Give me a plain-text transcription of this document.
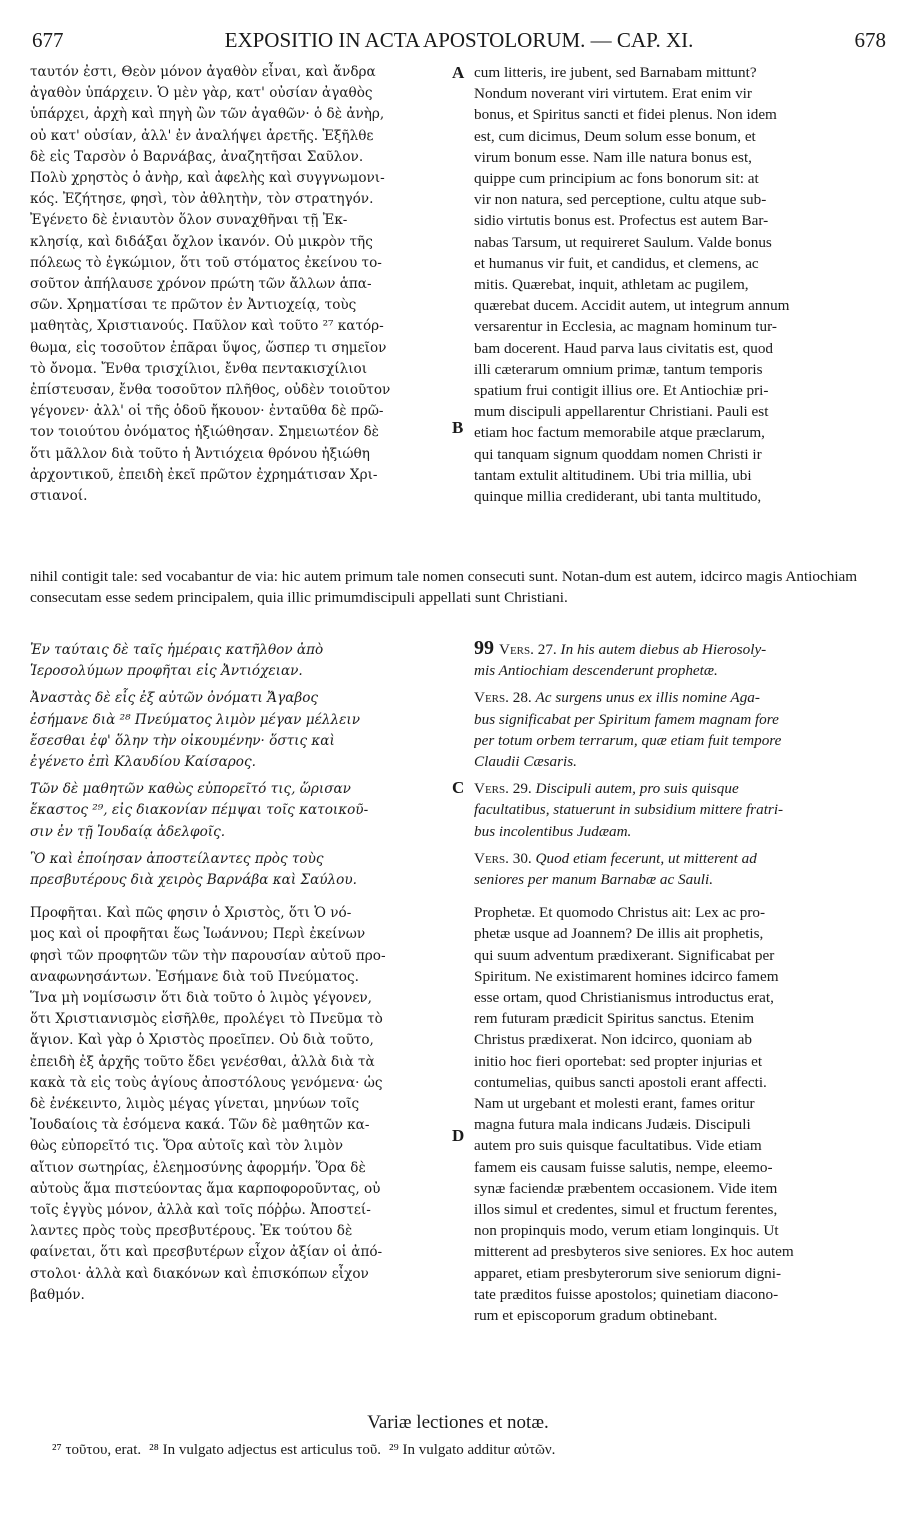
677	EXPOSITIO IN ACTA APOSTOLORUM. — CAP. XI.	678
A
B
C
D
ταυτόν ἐστι, Θεὸν μόνον ἀγαθὸν εἶναι, καὶ ἄνδρα
ἀγαθὸν ὑπάρχειν. Ὁ μὲν γὰρ, κατ' οὐσίαν ἀγαθὸς
ὑπάρχει, ἀρχὴ καὶ πηγὴ ὢν τῶν ἀγαθῶν· ὁ δὲ ἀνὴρ,
οὐ κατ' οὐσίαν, ἀλλ' ἐν ἀναλήψει ἀρετῆς. Ἐξῆλθε
δὲ εἰς Ταρσὸν ὁ Βαρνάβας, ἀναζητῆσαι Σαῦλον.
Πολὺ χρηστὸς ὁ ἀνὴρ, καὶ ἀφελὴς καὶ συγγνωμονι-
κός. Ἐζήτησε, φησὶ, τὸν ἀθλητὴν, τὸν στρατηγόν.
Ἐγένετο δὲ ἐνιαυτὸν ὅλον συναχθῆναι τῇ Ἐκ-
κλησίᾳ, καὶ διδάξαι ὄχλον ἱκανόν. Οὐ μικρὸν τῆς
πόλεως τὸ ἐγκώμιον, ὅτι τοῦ στόματος ἐκείνου το-
σοῦτον ἀπήλαυσε χρόνον πρώτη τῶν ἄλλων ἁπα-
σῶν. Χρηματίσαι τε πρῶτον ἐν Ἀντιοχείᾳ, τοὺς
μαθητὰς, Χριστιανούς. Παῦλον καὶ τοῦτο ²⁷ κατόρ-
θωμα, εἰς τοσοῦτον ἐπᾶραι ὕψος, ὥσπερ τι σημεῖον
τὸ ὄνομα. Ἔνθα τρισχίλιοι, ἔνθα πεντακισχίλιοι
ἐπίστευσαν, ἔνθα τοσοῦτον πλῆθος, οὐδὲν τοιοῦτον
γέγονεν· ἀλλ' οἱ τῆς ὁδοῦ ἤκουον· ἐνταῦθα δὲ πρῶ-
τον τοιούτου ὀνόματος ἠξιώθησαν. Σημειωτέον δὲ
ὅτι μᾶλλον διὰ τοῦτο ἡ Ἀντιόχεια θρόνου ἠξιώθη
ἀρχοντικοῦ, ἐπειδὴ ἐκεῖ πρῶτον ἐχρημάτισαν Χρι-
στιανοί.
cum litteris, ire jubent, sed Barnabam mittunt?
Nondum noverant viri virtutem. Erat enim vir
bonus, et Spiritus sancti et fidei plenus. Non idem
est, cum dicimus, Deum solum esse bonum, et
virum bonum esse. Nam ille natura bonus est,
quippe cum principium ac fons bonorum sit: at
vir non natura, sed perceptione, cultu atque sub-
sidio virtutis bonus est. Profectus est autem Bar-
nabas Tarsum, ut requireret Saulum. Valde bonus
et humanus vir fuit, et candidus, et clemens, ac
mitis. Quærebat, inquit, athletam ac pugilem,
quærebat ducem. Accidit autem, ut integrum annum
versarentur in Ecclesia, ac magnam hominum tur-
bam docerent. Haud parva laus civitatis est, quod
illi cæterarum omnium primæ, tantum temporis
spatium frui contigit illius ore. Et Antiochiæ pri-
mum discipuli appellarentur Christiani. Pauli est
etiam hoc factum memorabile atque præclarum,
qui tanquam signum quoddam nomen Christi ir
tantam extulit altitudinem. Ubi tria millia, ubi
quinque millia crediderant, ubi tanta multitudo,
nihil contigit tale: sed vocabantur de via: hic autem primum tale nomen consecuti sunt. Notan-dum est autem, idcirco magis Antiochiam consecutam esse sedem principalem, quia illic primumdiscipuli appellati sunt Christiani.
Ἐν ταύταις δὲ ταῖς ἡμέραις κατῆλθον ἀπὸ
Ἱεροσολύμων προφῆται εἰς Ἀντιόχειαν.
Ἀναστὰς δὲ εἷς ἐξ αὐτῶν ὀνόματι Ἄγαβος
ἐσήμανε διὰ ²⁸ Πνεύματος λιμὸν μέγαν μέλλειν
ἔσεσθαι ἐφ' ὅλην τὴν οἰκουμένην· ὅστις καὶ
ἐγένετο ἐπὶ Κλαυδίου Καίσαρος.
Τῶν δὲ μαθητῶν καθὼς εὐπορεῖτό τις, ὥρισαν
ἕκαστος ²⁹, εἰς διακονίαν πέμψαι τοῖς κατοικοῦ-
σιν ἐν τῇ Ἰουδαίᾳ ἀδελφοῖς.
Ὃ καὶ ἐποίησαν ἀποστείλαντες πρὸς τοὺς
πρεσβυτέρους διὰ χειρὸς Βαρνάβα καὶ Σαύλου.
Προφῆται. Καὶ πῶς φησιν ὁ Χριστὸς, ὅτι Ὁ νό-
μος καὶ οἱ προφῆται ἕως Ἰωάννου; Περὶ ἐκείνων
φησὶ τῶν προφητῶν τῶν τὴν παρουσίαν αὐτοῦ προ-
αναφωνησάντων. Ἐσήμανε διὰ τοῦ Πνεύματος.
Ἵνα μὴ νομίσωσιν ὅτι διὰ τοῦτο ὁ λιμὸς γέγονεν,
ὅτι Χριστιανισμὸς εἰσῆλθε, προλέγει τὸ Πνεῦμα τὸ
ἅγιον. Καὶ γὰρ ὁ Χριστὸς προεῖπεν. Οὐ διὰ τοῦτο,
ἐπειδὴ ἐξ ἀρχῆς τοῦτο ἔδει γενέσθαι, ἀλλὰ διὰ τὰ
κακὰ τὰ εἰς τοὺς ἁγίους ἀποστόλους γενόμενα· ὡς
δὲ ἐνέκειντο, λιμὸς μέγας γίνεται, μηνύων τοῖς
Ἰουδαίοις τὰ ἐσόμενα κακά. Τῶν δὲ μαθητῶν κα-
θὼς εὐπορεῖτό τις. Ὅρα αὐτοῖς καὶ τὸν λιμὸν
αἴτιον σωτηρίας, ἐλεημοσύνης ἀφορμήν. Ὅρα δὲ
αὐτοὺς ἅμα πιστεύοντας ἅμα καρποφοροῦντας, οὐ
τοῖς ἐγγὺς μόνον, ἀλλὰ καὶ τοῖς πόῤῥω. Ἀποστεί-
λαντες πρὸς τοὺς πρεσβυτέρους. Ἐκ τούτου δὲ
φαίνεται, ὅτι καὶ πρεσβυτέρων εἶχον ἀξίαν οἱ ἀπό-
στολοι· ἀλλὰ καὶ διακόνων καὶ ἐπισκόπων εἶχον
βαθμόν.
99 Vers. 27. In his autem diebus ab Hierosoly-
mis Antiochiam descenderunt prophetæ.
Vers. 28. Ac surgens unus ex illis nomine Aga-
bus significabat per Spiritum famem magnam fore
per totum orbem terrarum, quæ etiam fuit tempore
Claudii Cæsaris.
Vers. 29. Discipuli autem, pro suis quisque
facultatibus, statuerunt in subsidium mittere fratri-
bus incolentibus Judæam.
Vers. 30. Quod etiam fecerunt, ut mitterent ad
seniores per manum Barnabæ ac Sauli.
Prophetæ. Et quomodo Christus ait: Lex ac pro-
phetæ usque ad Joannem? De illis ait prophetis,
qui suum adventum prædixerant. Significabat per
Spiritum. Ne existimarent homines idcirco famem
esse ortam, quod Christianismus introductus erat,
rem futuram prædicit Spiritus sanctus. Etenim
Christus prædixerat. Non idcirco, quoniam ab
initio hoc fieri oportebat: sed propter injurias et
contumelias, quibus sancti apostoli erant affecti.
Nam ut urgebant et molesti erant, fames oritur
magna futura mala indicans Judæis. Discipuli
autem pro suis quisque facultatibus. Vide etiam
famem eis causam fuisse salutis, nempe, eleemo-
synæ faciendæ præbentem occasionem. Vide item
illos simul et credentes, simul et fructum ferentes,
non propinquis modo, verum etiam longinquis. Ut
mitterent ad presbyteros sive seniores. Ex hoc autem
apparet, etiam presbyterorum sive seniorum digni-
tate præditos fuisse apostolos; quinetiam diacono-
rum et episcoporum gradum obtinebant.
Variæ lectiones et notæ.
²⁷ τοῦτου, erat. ²⁸ In vulgato adjectus est articulus τοῦ. ²⁹ In vulgato additur αὐτῶν.
